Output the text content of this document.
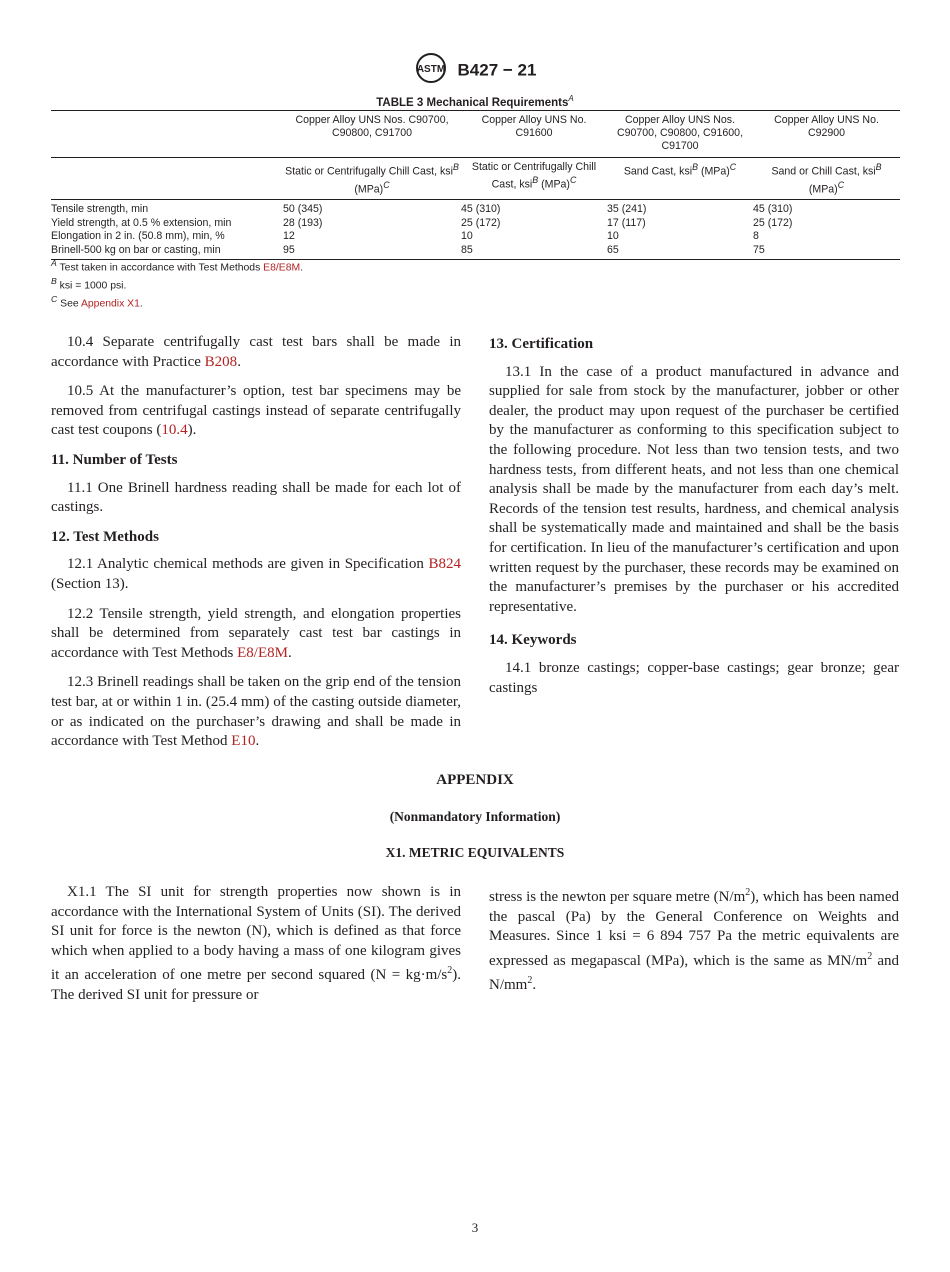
ASTM B427 − 21
TABLE 3 Mechanical Requirements$^A$
	Copper Alloy UNS Nos. C90700, C90800, C91700	Copper Alloy UNS No. C91600	Copper Alloy UNS Nos. C90700, C90800, C91600, C91700	Copper Alloy UNS No. C92900
	Static or Centrifugally Chill Cast, ksi$^B$ (MPa)$^C$	Static or Centrifugally Chill Cast, ksi$^B$ (MPa)$^C$	Sand Cast, ksi$^B$ (MPa)$^C$	Sand or Chill Cast, ksi$^B$ (MPa)$^C$
Tensile strength, min	50 (345)	45 (310)	35 (241)	45 (310)
Yield strength, at 0.5 % extension, min	28 (193)	25 (172)	17 (117)	25 (172)
Elongation in 2 in. (50.8 mm), min, %	12	10	10	8
Brinell-500 kg on bar or casting, min	95	85	65	75
$^A$ Test taken in accordance with Test Methods E8/E8M.
$^B$ ksi = 1000 psi.
$^C$ See Appendix X1.

10.4 Separate centrifugally cast test bars shall be made in accordance with Practice B208.

10.5 At the manufacturer’s option, test bar specimens may be removed from centrifugal castings instead of separate centrifugally cast test coupons (10.4).

11. Number of Tests

11.1 One Brinell hardness reading shall be made for each lot of castings.

12. Test Methods

12.1 Analytic chemical methods are given in Specification B824 (Section 13).

12.2 Tensile strength, yield strength, and elongation properties shall be determined from separately cast test bar castings in accordance with Test Methods E8/E8M.

12.3 Brinell readings shall be taken on the grip end of the tension test bar, at or within 1 in. (25.4 mm) of the casting outside diameter, or as indicated on the purchaser’s drawing and shall be made in accordance with Test Method E10.

13. Certification

13.1 In the case of a product manufactured in advance and supplied for sale from stock by the manufacturer, jobber or other dealer, the product may upon request of the purchaser be certified by the manufacturer as conforming to this specification subject to the following procedure. Not less than two tension tests, and two hardness tests, from different heats, and not less than one chemical analysis shall be made by the manufacturer from each day’s melt. Records of the tension test results, hardness, and chemical analysis shall be systematically made and maintained and shall be the basis for certification. In lieu of the manufacturer’s certification and upon written request by the purchaser, these records may be examined on the manufacturer’s premises by the purchaser or his accredited representative.

14. Keywords

14.1 bronze castings; copper-base castings; gear bronze; gear castings

APPENDIX
(Nonmandatory Information)
X1. METRIC EQUIVALENTS

X1.1 The SI unit for strength properties now shown is in accordance with the International System of Units (SI). The derived SI unit for force is the newton (N), which is defined as that force which when applied to a body having a mass of one kilogram gives it an acceleration of one metre per second squared $(N = kg\cdot m/s^2)$. The derived SI unit for pressure or

stress is the newton per square metre $(N/m^2)$, which has been named the pascal (Pa) by the General Conference on Weights and Measures. Since 1 ksi = 6 894 757 Pa the metric equivalents are expressed as megapascal (MPa), which is the same as $MN/m^2$ and $N/mm^2$.

3
